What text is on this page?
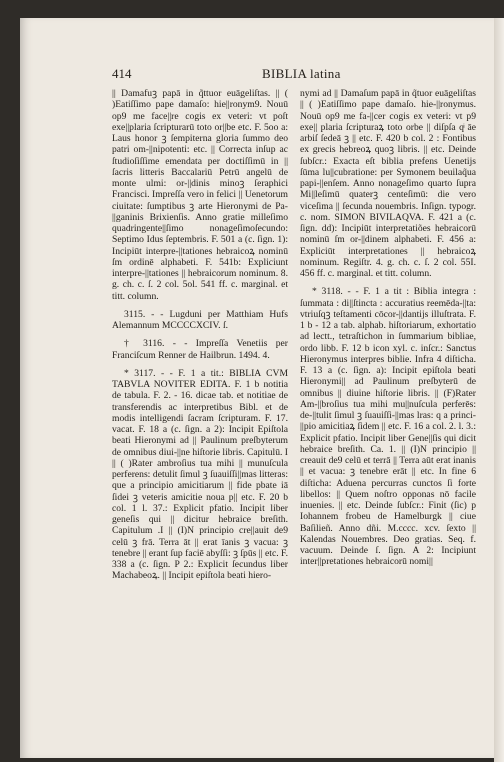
414	BIBLIA latina

|| Damafuꝫ papā in q̃ttuor euāgeliſtas. || ( )Eatiſſimo pape damaſo: hie||ronym9. Nouū op9 me face||re cogis ex veteri: vt poſt exe||plaria ſcripturarū toto or||be etc. F. 5oo a: Laus honor ꝫ ſempiterna gloria ſummo deo patri om-||nipotenti: etc. || Correcta inſup ac ſtudioſiſſime emendata per doctiſſimū in || ſacris litteris Baccalariū Petrū angelū de monte ulmi: or-||dinis minoꝫ ſeraphici Francisci. Impreſſa vero in felici || Uenetorum ciuitate: ſumptibus ꝫ arte Hieronymi de Pa-||ganinis Brixienſis. Anno gratie milleſimo quadringente||ſimo nonageſimoſecundo: Septimo Idus ſeptembris. F. 501 a (c. ſign. 1): Incipiūt interpre-||tationes hebraicoꝝ nominū ſm ordinē alphabeti. F. 541b: Expliciunt interpre-||tationes || hebraicorum nominum. 8. g. ch. c. ſ. 2 col. 5ol. 541 ff. c. marginal. et titt. column.

3115. - - Lugduni per Matthiam Hufs Alemannum MCCCCXCIV. ſ.

† 3116. - - Impreſſa Venetiis per Franciſcum Renner de Hailbrun. 1494. 4.

* 3117. - - F. 1 a tit.: BIBLIA CVM TABVLA NOVITER EDITA. F. 1 b notitia de tabula. F. 2. - 16. dicae tab. et notitiae de transferendis ac interpretibus Bibl. et de modis intelligendi ſacram ſcripturam. F. 17. vacat. F. 18 a (c. ſign. a 2): Incipit Epiſtola beati Hieronymi ad || Paulinum preſbyterum de omnibus diui-||ne hiſtorie libris. Capitulū. I || ( )Rater ambroſius tua mihi || munuſcula perferens: detulit ſimul ꝫ ſuauiſſi||mas litteras: que a principio amicitiarum || fide pbate iā ſidei ꝫ veteris amicitie noua p|| etc. F. 20 b col. 1 l. 37.: Explicit pfatio. Incipit liber geneſis qui || dicitur hebraice breſith. Capitulum .I || (I)N principio cre||auit de9 celū ꝫ frā. Terra āt || erat īanis ꝫ vacua: ꝫ tenebre || erant ſup faciē abyſſi: ꝫ ſpūs || etc. F. 338 a (c. ſign. P 2.: Explicit ſecundus liber Machabeoꝝ. || Incipit epiſtola beati hiero-

nymi ad || Damaſum papā in q̃tuor euāgeliſtas || ( )Eatiſſimo pape damaſo. hie-||ronymus. Nouū op9 me fa-||cer cogis ex veteri: vt p9 exe|| plaria ſcripturaꝝ toto orbe || diſpſa qͥ āe arbiſ ſedeā ꝫ || etc. F. 420 b col. 2 : Fontibus ex grecis hebreoꝝ quoꝫ libris. || etc. Deinde ſubſcr.: Exacta eſt biblia prefens Uenetijs ſūma lu||cubratione: per Symonem beuilaq̃ua papi-||enſem. Anno nonageſimo quarto ſupra Mi||leſimū quaterꝫ centeſimū: die vero viceſima || ſecunda nouembris. Inſign. typogr. c. nom. SIMON BIVILAQVA. F. 421 a (c. ſign. dd): Incipiūt interpretatiões hebraicorū nominū ſm or-||dinem alphabeti. F. 456 a: Expliciūt interpretationes || hebraicoꝝ nominum. Regiſtr. 4. g. ch. c. ſ. 2 col. 55I. 456 ff. c. marginal. et titt. column.

* 3118. - - F. 1 a tit : Biblia integra : ſummata : di||ſtincta : accuratius reemēda-||ta: vtriuſqꝫ teſtamenti cōcor-||dantijs illuſtrata. F. 1 b - 12 a tab. alphab. hiſtoriarum, exhortatio ad lectt., tetraſtichon in ſummarium bibliae, ordo libb. F. 12 b icon xyl. c. inſcr.: Sanctus Hieronymus interpres biblie. Infra 4 diſticha. F. 13 a (c. ſign. a): Incipit epiſtola beati Hieronymi|| ad Paulinum preſbyterū de omnibus || diuine hiſtorie libris. || (F)Rater Am-||broſius tua mihi mu||nuſcula perferēs: de-||tulit ſimul ꝫ ſuauiſſi-||mas lras: q a princi-||pio amicitiaꝝ ſidem || etc. F. 16 a col. 2. l. 3.: Explicit pfatio. Incipit liber Gene||ſis qui dicit hebraice breſith. Ca. 1. || (I)N principio || creauit de9 celū et terrā || Terra aūt erat inanis || et vacua: ꝫ tenebre erāt || etc. In fine 6 diſticha: Aduena percurras cunctos ſi forte libellos: || Quem noſtro opponas nō facile inuenies. || etc. Deinde ſubſcr.: Finit (ſic) p Iohannem frobeu de Hamelburgk || ciue Baſilieñ. Anno dñi. M.cccc. xcv. ſexto || Kalendas Nouembres. Deo gratias. Seq. f. vacuum. Deinde ſ. ſign. A 2: Incipiunt inter||pretationes hebraicorū nomi||
